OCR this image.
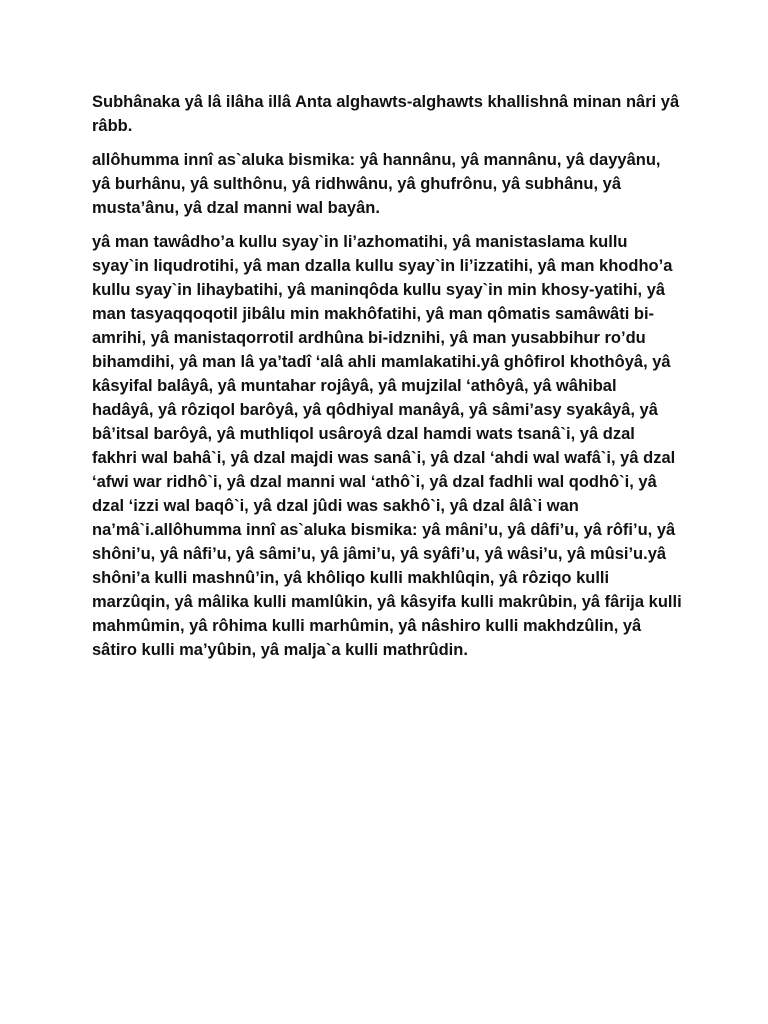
Subhânaka yâ lâ ilâha illâ Anta alghawts-alghawts khallishnâ minan nâri yâ râbb.

allôhumma innî as`aluka bismika: yâ hannânu, yâ mannânu, yâ dayyânu, yâ burhânu, yâ sulthônu, yâ ridhwânu, yâ ghufrônu, yâ subhânu, yâ musta’ânu, yâ dzal manni wal bayân.

yâ man tawâdho’a kullu syay`in li’azhomatihi, yâ manistaslama kullu syay`in liqudrotihi, yâ man dzalla kullu syay`in li’izzatihi, yâ man khodho’a kullu syay`in lihaybatihi, yâ maninqôda kullu syay`in min khosy-yatihi, yâ man tasyaqqoqotil jibâlu min makhôfatihi, yâ man qômatis samâwâti bi-amrihi, yâ manistaqorrotil ardhûna bi-idznihi, yâ man yusabbihur ro’du bihamdihi, yâ man lâ ya’tadî ‘alâ ahli mamlakatihi.yâ ghôfirol khothôyâ, yâ kâsyifal balâyâ, yâ muntahar rojâyâ, yâ mujzilal ‘athôyâ, yâ wâhibal hadâyâ, yâ rôziqol barôyâ, yâ qôdhiyal manâyâ, yâ sâmi’asy syakâyâ, yâ bâ’itsal barôyâ, yâ muthliqol usâroyâ dzal hamdi wats tsanâ`i, yâ dzal fakhri wal bahâ`i, yâ dzal majdi was sanâ`i, yâ dzal ‘ahdi wal wafâ`i, yâ dzal ‘afwi war ridhô`i, yâ dzal manni wal ‘athô`i, yâ dzal fadhli wal qodhô`i, yâ dzal ‘izzi wal baqô`i, yâ dzal jûdi was sakhô`i, yâ dzal âlâ`i wan na’mâ`i.allôhumma innî as`aluka bismika: yâ mâni’u, yâ dâfi’u, yâ rôfi’u, yâ shôni’u, yâ nâfi’u, yâ sâmi’u, yâ jâmi’u, yâ syâfi’u, yâ wâsi’u, yâ mûsi’u.yâ shôni’a kulli mashnû’in, yâ khôliqo kulli makhlûqin, yâ rôziqo kulli marzûqin, yâ mâlika kulli mamlûkin, yâ kâsyifa kulli makrûbin, yâ fârija kulli mahmûmin, yâ rôhima kulli marhûmin, yâ nâshiro kulli makhdzûlin, yâ sâtiro kulli ma’yûbin, yâ malja`a kulli mathrûdin.
